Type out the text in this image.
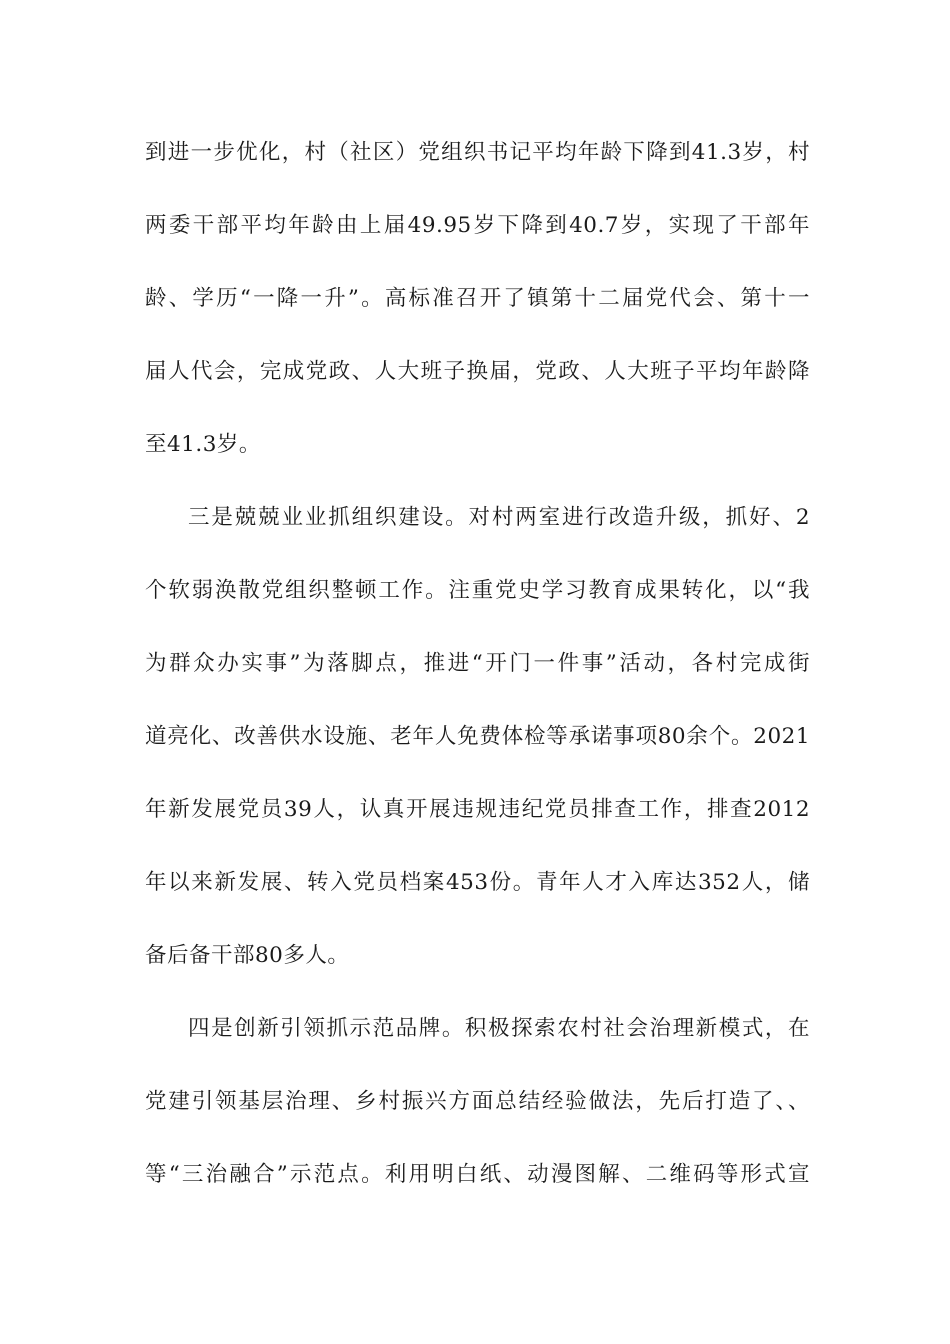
到进一步优化，村（社区）党组织书记平均年龄下降到41.3岁，村
两委干部平均年龄由上届49.95岁下降到40.7岁，实现了干部年
龄、学历“一降一升”。高标准召开了镇第十二届党代会、第十一
届人代会，完成党政、人大班子换届，党政、人大班子平均年龄降
至41.3岁。
三是兢兢业业抓组织建设。对村两室进行改造升级，抓好、2
个软弱涣散党组织整顿工作。注重党史学习教育成果转化，以“我
为群众办实事”为落脚点，推进“开门一件事”活动，各村完成街
道亮化、改善供水设施、老年人免费体检等承诺事项80余个。2021
年新发展党员39人，认真开展违规违纪党员排查工作，排查2012
年以来新发展、转入党员档案453份。青年人才入库达352人，储
备后备干部80多人。
四是创新引领抓示范品牌。积极探索农村社会治理新模式，在
党建引领基层治理、乡村振兴方面总结经验做法，先后打造了、、
等“三治融合”示范点。利用明白纸、动漫图解、二维码等形式宣
